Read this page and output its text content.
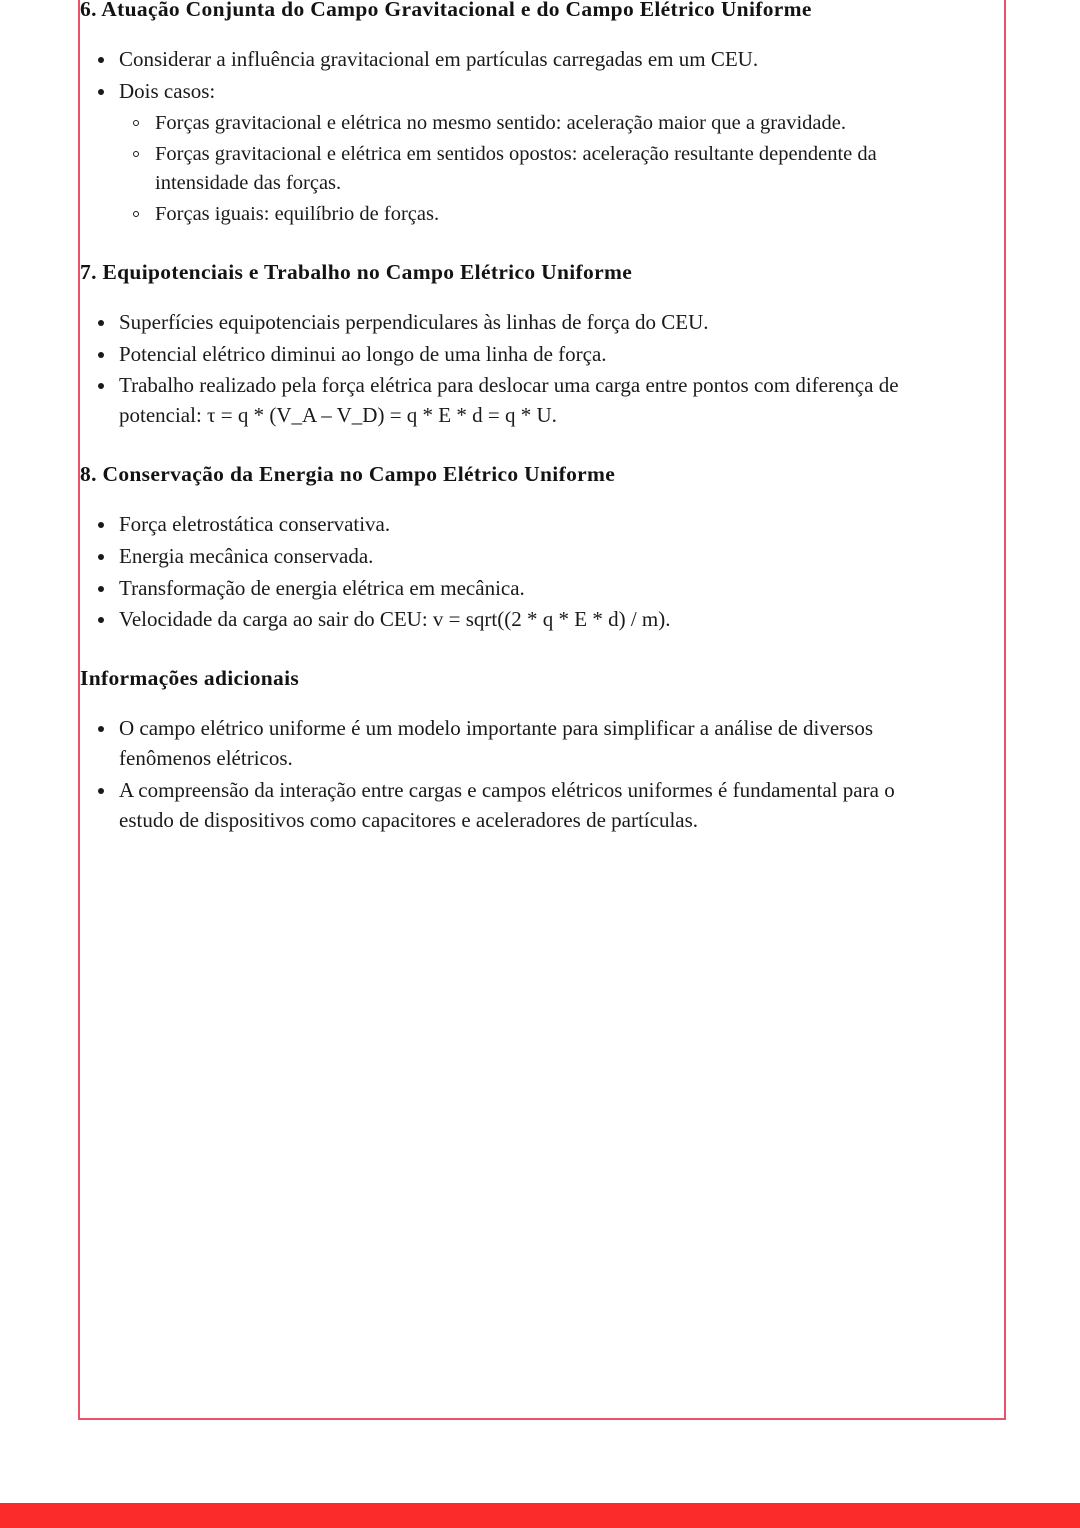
6. Atuação Conjunta do Campo Gravitacional e do Campo Elétrico Uniforme
Considerar a influência gravitacional em partículas carregadas em um CEU.
Dois casos:
Forças gravitacional e elétrica no mesmo sentido: aceleração maior que a gravidade.
Forças gravitacional e elétrica em sentidos opostos: aceleração resultante dependente da intensidade das forças.
Forças iguais: equilíbrio de forças.
7. Equipotenciais e Trabalho no Campo Elétrico Uniforme
Superfícies equipotenciais perpendiculares às linhas de força do CEU.
Potencial elétrico diminui ao longo de uma linha de força.
Trabalho realizado pela força elétrica para deslocar uma carga entre pontos com diferença de potencial: τ = q * (V_A – V_D) = q * E * d = q * U.
8. Conservação da Energia no Campo Elétrico Uniforme
Força eletrostática conservativa.
Energia mecânica conservada.
Transformação de energia elétrica em mecânica.
Velocidade da carga ao sair do CEU: v = sqrt((2 * q * E * d) / m).
Informações adicionais
O campo elétrico uniforme é um modelo importante para simplificar a análise de diversos fenômenos elétricos.
A compreensão da interação entre cargas e campos elétricos uniformes é fundamental para o estudo de dispositivos como capacitores e aceleradores de partículas.
